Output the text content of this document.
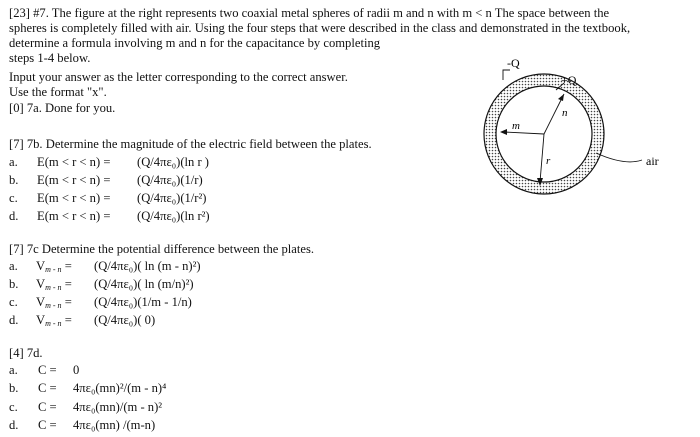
[23] #7. The figure at the right represents two coaxial metal spheres of radii m and n with m < n The space between the
spheres is completely filled with air. Using the four steps that were described in the class and demonstrated in the textbook,
determine a formula involving m and n for the capacitance by completing
steps 1-4 below.
Input your answer as the letter corresponding to the correct answer.
Use the format "x".
[0] 7a. Done for you.
[7] 7b. Determine the magnitude of the electric field between the plates.
a. E(m < r < n) = (Q/4πε₀)(ln r )
b. E(m < r < n) = (Q/4πε₀)(1/r)
c. E(m < r < n) = (Q/4πε₀)(1/r²)
d. E(m < r < n) = (Q/4πε₀)(ln r²)
[7] 7c Determine the potential difference between the plates.
a. $V_{m - n} = (Q/4\pi\varepsilon_0)$( ln (m - n)²)
b. $V_{m - n} = (Q/4\pi\varepsilon_0)$( ln (m/n)²)
c. $V_{m - n} = (Q/4\pi\varepsilon_0)(1/m - 1/n)$
d. $V_{m - n} = (Q/4\pi\varepsilon_0)$( 0)
[4] 7d.
a. C = 0
b. C = 4πε₀(mn)²/(m - n)⁴
c. C = 4πε₀(mn)/(m - n)²
d. C = 4πε₀(mn) /(m-n)
-Q
+Q
n
m
r	air
